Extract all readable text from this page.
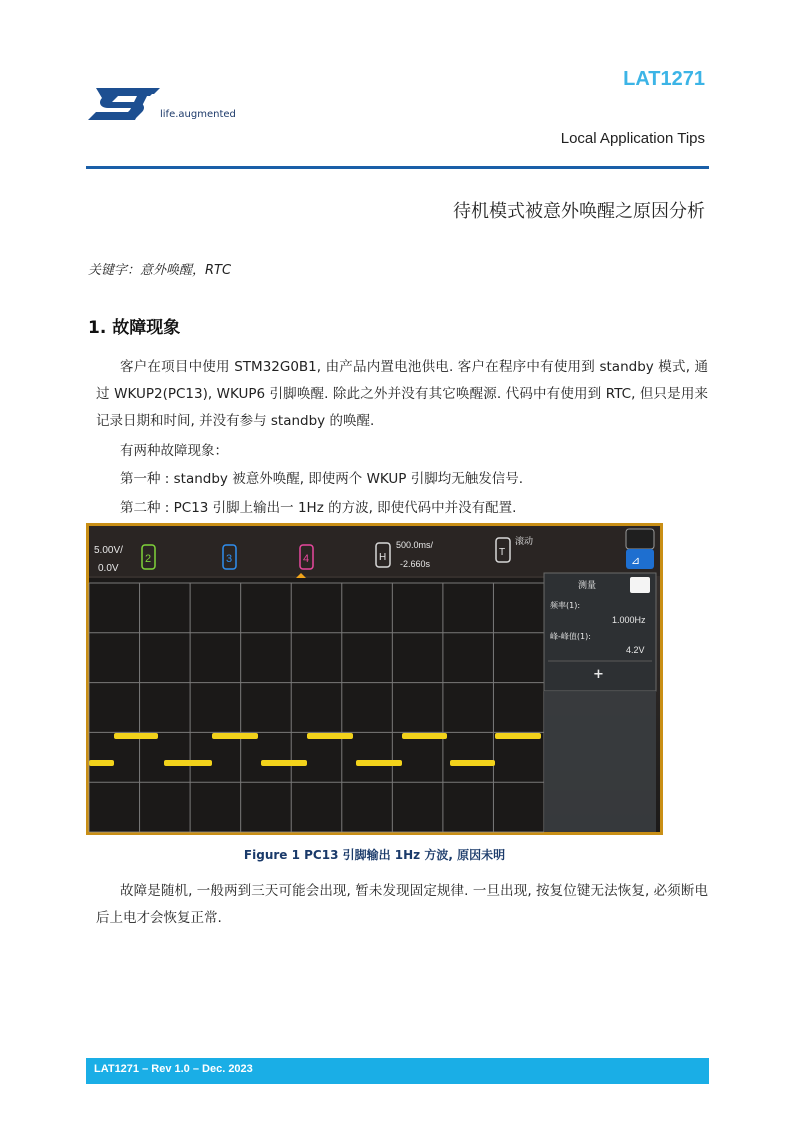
life.augmented
LAT1271
Local Application Tips
待机模式被意外唤醒之原因分析
关键字：意外唤醒，RTC
1. 故障现象
客户在项目中使用 STM32G0B1, 由产品内置电池供电. 客户在程序中有使用到 standby 模式, 通过 WKUP2(PC13), WKUP6 引脚唤醒. 除此之外并没有其它唤醒源. 代码中有使用到 RTC, 但只是用来记录日期和时间, 并没有参与 standby 的唤醒.
有两种故障现象：
第一种 : standby 被意外唤醒, 即使两个 WKUP 引脚均无触发信号.
第二种 : PC13 引脚上输出一 1Hz 的方波, 即使代码中并没有配置.
5.00V/
0.0V
2	3	4	H
500.0ms/
-2.660s
T
滚动
⊿
测量
频率(1):
1.000Hz
峰-峰值(1):
4.2V
+
Figure 1 PC13 引脚输出 1Hz 方波, 原因未明
故障是随机, 一般两到三天可能会出现, 暂未发现固定规律. 一旦出现, 按复位键无法恢复, 必须断电后上电才会恢复正常.
LAT1271 – Rev 1.0 – Dec. 2023
